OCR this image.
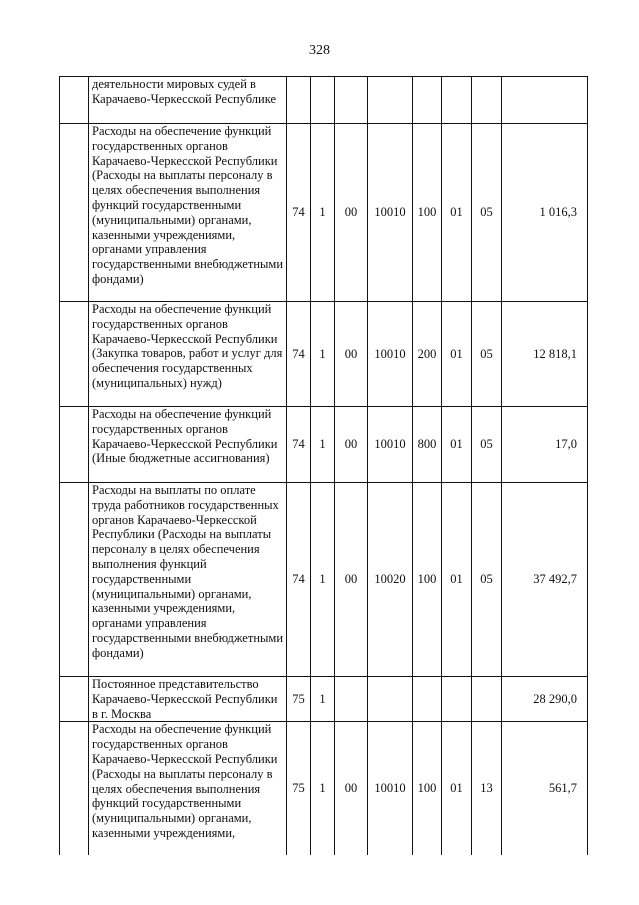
328
	деятельности мировых судей в Карачаево-Черкесской Республике								
	Расходы на обеспечение функций государственных органов Карачаево-Черкесской Республики (Расходы на выплаты персоналу в целях обеспечения выполнения функций государственными (муниципальными) органами, казенными учреждениями, органами управления государственными внебюджетными фондами)	74	1	00	10010	100	01	05	1 016,3
	Расходы на обеспечение функций государственных органов Карачаево-Черкесской Республики (Закупка товаров, работ и услуг для обеспечения государственных (муниципальных) нужд)	74	1	00	10010	200	01	05	12 818,1
	Расходы на обеспечение функций государственных органов Карачаево-Черкесской Республики (Иные бюджетные ассигнования)	74	1	00	10010	800	01	05	17,0
	Расходы на выплаты по оплате труда работников государственных органов Карачаево-Черкесской Республики (Расходы на выплаты персоналу в целях обеспечения выполнения функций государственными (муниципальными) органами, казенными учреждениями, органами управления государственными внебюджетными фондами)	74	1	00	10020	100	01	05	37 492,7
	Постоянное представительство Карачаево-Черкесской Республики в г. Москва	75	1						28 290,0
	Расходы на обеспечение функций государственных органов Карачаево-Черкесской Республики (Расходы на выплаты персоналу в целях обеспечения выполнения функций государственными (муниципальными) органами, казенными учреждениями,	75	1	00	10010	100	01	13	561,7
